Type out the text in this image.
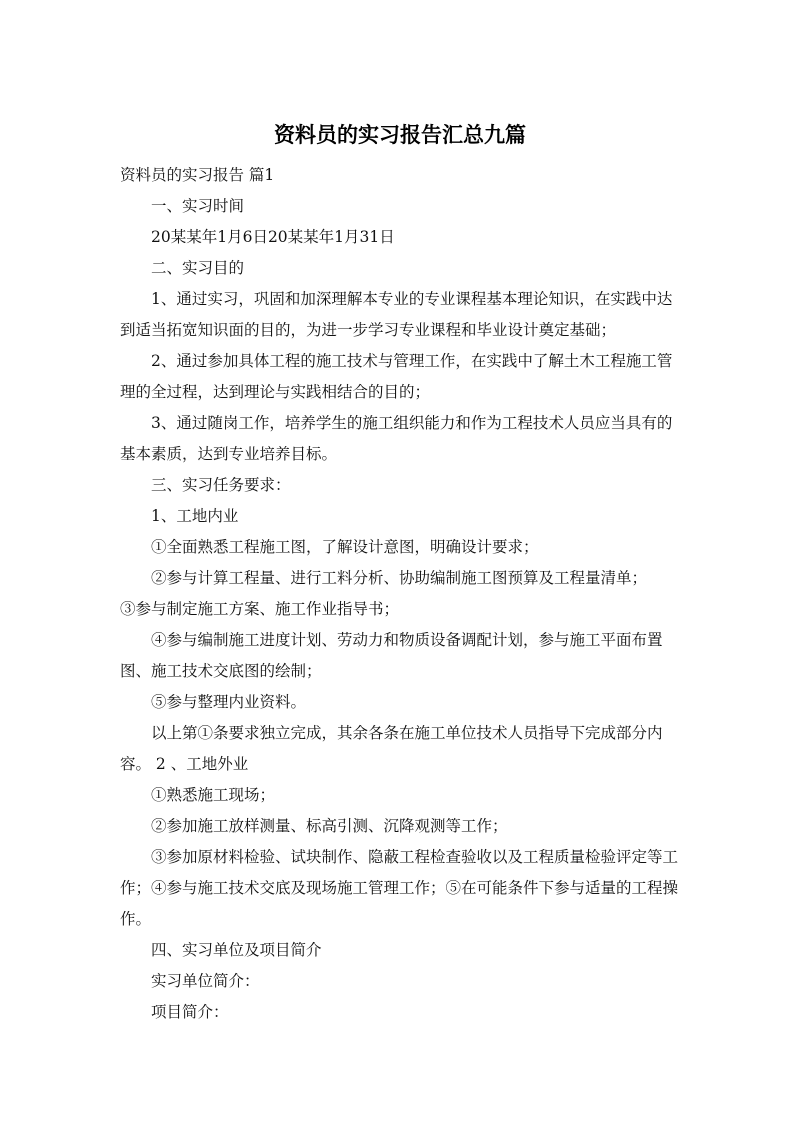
资料员的实习报告汇总九篇

资料员的实习报告 篇1

一、实习时间

20某某年1月6日20某某年1月31日

二、实习目的

1、通过实习，巩固和加深理解本专业的专业课程基本理论知识，在实践中达到适当拓宽知识面的目的，为进一步学习专业课程和毕业设计奠定基础；

2、通过参加具体工程的施工技术与管理工作，在实践中了解土木工程施工管理的全过程，达到理论与实践相结合的目的；

3、通过随岗工作，培养学生的施工组织能力和作为工程技术人员应当具有的基本素质，达到专业培养目标。

三、实习任务要求：

1、工地内业

①全面熟悉工程施工图，了解设计意图，明确设计要求；

②参与计算工程量、进行工料分析、协助编制施工图预算及工程量清单；

③参与制定施工方案、施工作业指导书；

④参与编制施工进度计划、劳动力和物质设备调配计划，参与施工平面布置图、施工技术交底图的绘制；

⑤参与整理内业资料。

以上第①条要求独立完成，其余各条在施工单位技术人员指导下完成部分内容。 2 、工地外业

①熟悉施工现场；

②参加施工放样测量、标高引测、沉降观测等工作；

③参加原材料检验、试块制作、隐蔽工程检查验收以及工程质量检验评定等工作；④参与施工技术交底及现场施工管理工作；⑤在可能条件下参与适量的工程操作。

四、实习单位及项目简介

实习单位简介：

项目简介：
